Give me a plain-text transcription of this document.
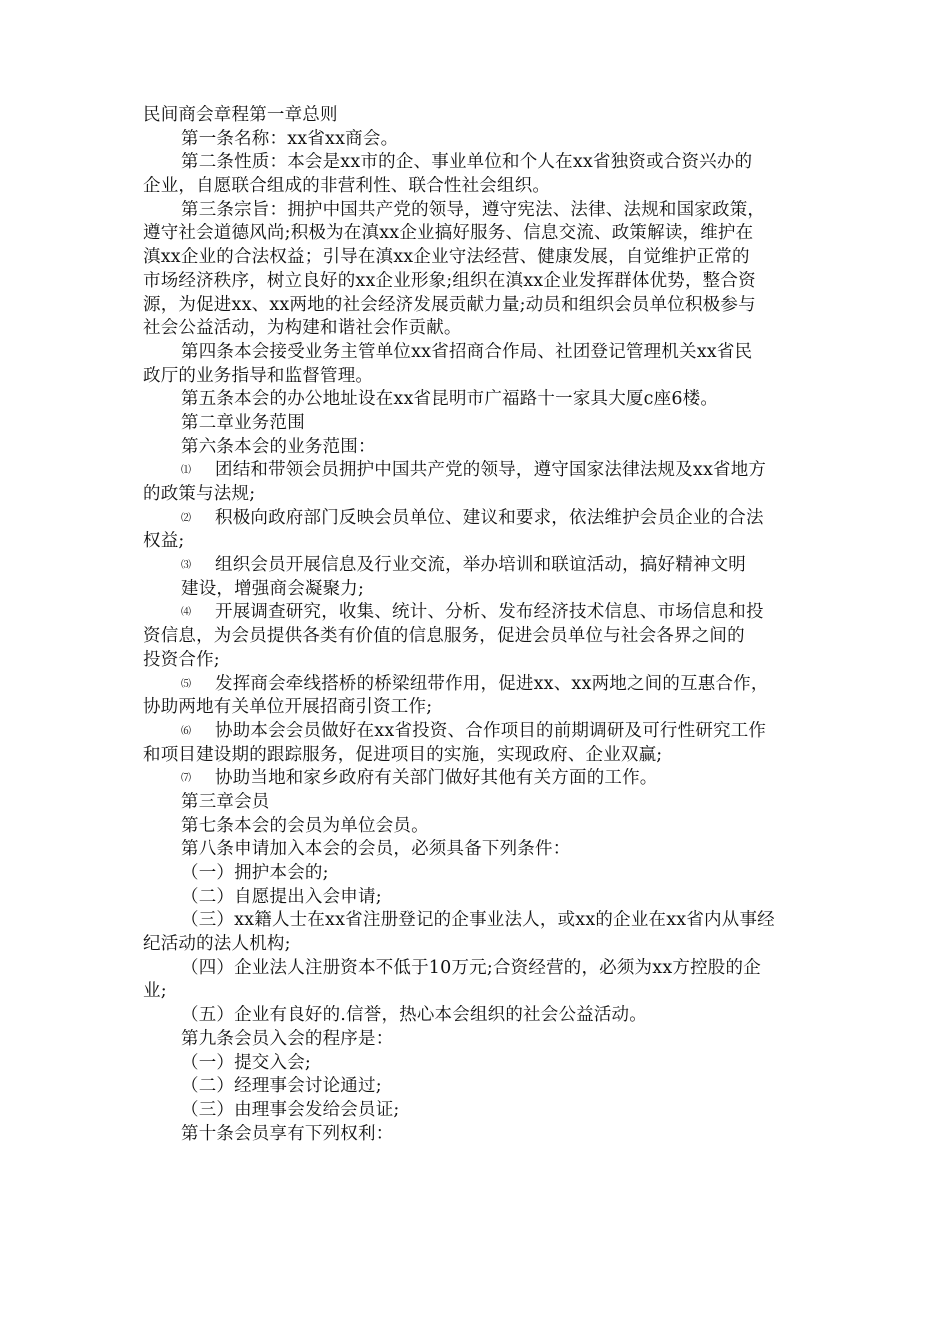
民间商会章程第一章总则

第一条名称：xx省xx商会。

第二条性质：本会是xx市的企、事业单位和个人在xx省独资或合资兴办的

企业，自愿联合组成的非营利性、联合性社会组织。

第三条宗旨：拥护中国共产党的领导，遵守宪法、法律、法规和国家政策，

遵守社会道德风尚;积极为在滇xx企业搞好服务、信息交流、政策解读，维护在

滇xx企业的合法权益；引导在滇xx企业守法经营、健康发展，自觉维护正常的

市场经济秩序，树立良好的xx企业形象;组织在滇xx企业发挥群体优势，整合资

源，为促进xx、xx两地的社会经济发展贡献力量;动员和组织会员单位积极参与

社会公益活动，为构建和谐社会作贡献。

第四条本会接受业务主管单位xx省招商合作局、社团登记管理机关xx省民

政厅的业务指导和监督管理。

第五条本会的办公地址设在xx省昆明市广福路十一家具大厦c座6楼。

第二章业务范围

第六条本会的业务范围：

⑴ 团结和带领会员拥护中国共产党的领导，遵守国家法律法规及xx省地方

的政策与法规;

⑵ 积极向政府部门反映会员单位、建议和要求，依法维护会员企业的合法

权益;

⑶ 组织会员开展信息及行业交流，举办培训和联谊活动，搞好精神文明

建设，增强商会凝聚力;

⑷ 开展调查研究，收集、统计、分析、发布经济技术信息、市场信息和投

资信息，为会员提供各类有价值的信息服务，促进会员单位与社会各界之间的

投资合作;

⑸ 发挥商会牵线搭桥的桥梁纽带作用，促进xx、xx两地之间的互惠合作，

协助两地有关单位开展招商引资工作;

⑹ 协助本会会员做好在xx省投资、合作项目的前期调研及可行性研究工作

和项目建设期的跟踪服务，促进项目的实施，实现政府、企业双赢;

⑺ 协助当地和家乡政府有关部门做好其他有关方面的工作。

第三章会员

第七条本会的会员为单位会员。

第八条申请加入本会的会员，必须具备下列条件：

（一）拥护本会的;

（二）自愿提出入会申请;

（三）xx籍人士在xx省注册登记的企事业法人，或xx的企业在xx省内从事经

纪活动的法人机构;

（四）企业法人注册资本不低于10万元;合资经营的，必须为xx方控股的企

业;

（五）企业有良好的.信誉，热心本会组织的社会公益活动。

第九条会员入会的程序是：

（一）提交入会;

（二）经理事会讨论通过;

（三）由理事会发给会员证;

第十条会员享有下列权利：
